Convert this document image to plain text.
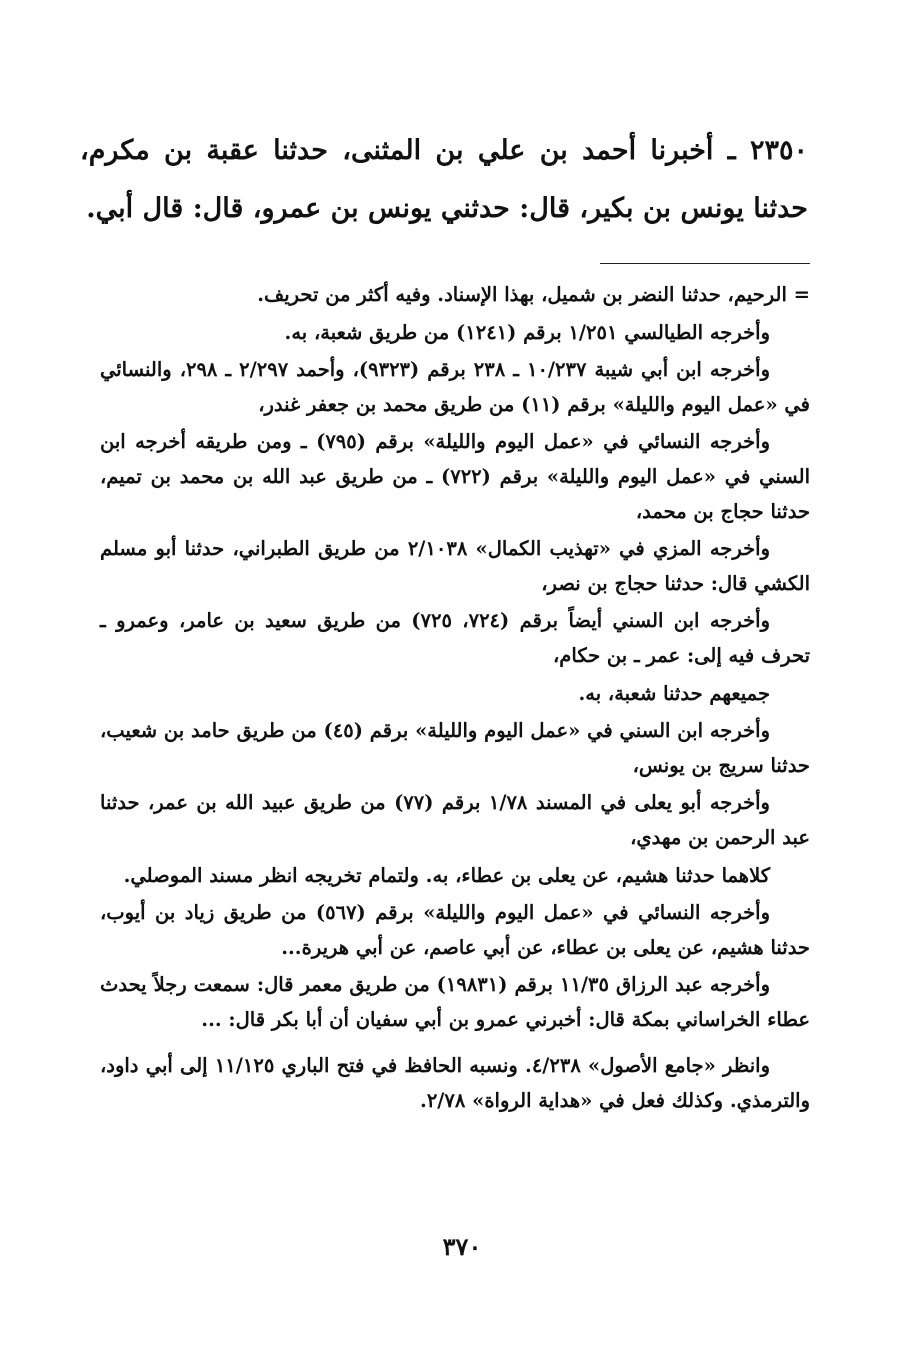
٢٣٥٠ ـ أخبرنا أحمد بن علي بن المثنى، حدثنا عقبة بن مكرم، حدثنا يونس بن بكير، قال: حدثني يونس بن عمرو، قال: قال أبي.

= الرحيم، حدثنا النضر بن شميل، بهذا الإسناد. وفيه أكثر من تحريف.

وأخرجه الطيالسي ١/٢٥١ برقم (١٢٤١) من طريق شعبة، به.

وأخرجه ابن أبي شيبة ١٠/٢٣٧ ـ ٢٣٨ برقم (٩٣٢٣)، وأحمد ٢/٢٩٧ ـ ٢٩٨، والنسائي في «عمل اليوم والليلة» برقم (١١) من طريق محمد بن جعفر غندر،

وأخرجه النسائي في «عمل اليوم والليلة» برقم (٧٩٥) ـ ومن طريقه أخرجه ابن السني في «عمل اليوم والليلة» برقم (٧٢٢) ـ من طريق عبد الله بن محمد بن تميم، حدثنا حجاج بن محمد،

وأخرجه المزي في «تهذيب الكمال» ٢/١٠٣٨ من طريق الطبراني، حدثنا أبو مسلم الكشي قال: حدثنا حجاج بن نصر،

وأخرجه ابن السني أيضاً برقم (٧٢٤، ٧٢٥) من طريق سعيد بن عامر، وعمرو ـ تحرف فيه إلى: عمر ـ بن حكام،

جميعهم حدثنا شعبة، به.

وأخرجه ابن السني في «عمل اليوم والليلة» برقم (٤٥) من طريق حامد بن شعيب، حدثنا سريج بن يونس،

وأخرجه أبو يعلى في المسند ١/٧٨ برقم (٧٧) من طريق عبيد الله بن عمر، حدثنا عبد الرحمن بن مهدي،

كلاهما حدثنا هشيم، عن يعلى بن عطاء، به. ولتمام تخريجه انظر مسند الموصلي.

وأخرجه النسائي في «عمل اليوم والليلة» برقم (٥٦٧) من طريق زياد بن أيوب، حدثنا هشيم، عن يعلى بن عطاء، عن أبي عاصم، عن أبي هريرة...

وأخرجه عبد الرزاق ١١/٣٥ برقم (١٩٨٣١) من طريق معمر قال: سمعت رجلاً يحدث عطاء الخراساني بمكة قال: أخبرني عمرو بن أبي سفيان أن أبا بكر قال: ...

وانظر «جامع الأصول» ٤/٢٣٨. ونسبه الحافظ في فتح الباري ١١/١٢٥ إلى أبي داود، والترمذي. وكذلك فعل في «هداية الرواة» ٢/٧٨.

٣٧٠
